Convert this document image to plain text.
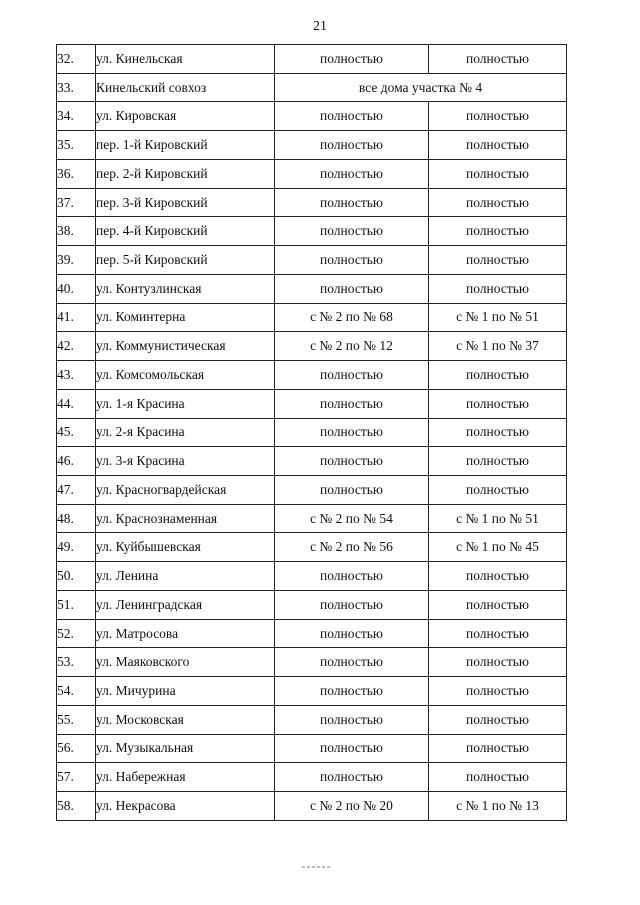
21
32.	ул. Кинельская	полностью	полностью
33.	Кинельский совхоз	все дома участка № 4	
34.	ул. Кировская	полностью	полностью
35.	пер. 1-й Кировский	полностью	полностью
36.	пер. 2-й Кировский	полностью	полностью
37.	пер. 3-й Кировский	полностью	полностью
38.	пер. 4-й Кировский	полностью	полностью
39.	пер. 5-й Кировский	полностью	полностью
40.	ул. Контузлинская	полностью	полностью
41.	ул. Коминтерна	с № 2 по № 68	с № 1 по № 51
42.	ул. Коммунистическая	с № 2 по № 12	с № 1 по № 37
43.	ул. Комсомольская	полностью	полностью
44.	ул. 1-я Красина	полностью	полностью
45.	ул. 2-я Красина	полностью	полностью
46.	ул. 3-я Красина	полностью	полностью
47.	ул. Красногвардейская	полностью	полностью
48.	ул. Краснознаменная	с № 2 по № 54	с № 1 по № 51
49.	ул. Куйбышевская	с № 2 по № 56	с № 1 по № 45
50.	ул. Ленина	полностью	полностью
51.	ул. Ленинградская	полностью	полностью
52.	ул. Матросова	полностью	полностью
53.	ул. Маяковского	полностью	полностью
54.	ул. Мичурина	полностью	полностью
55.	ул. Московская	полностью	полностью
56.	ул. Музыкальная	полностью	полностью
57.	ул. Набережная	полностью	полностью
58.	ул. Некрасова	с № 2 по № 20	с № 1 по № 13
